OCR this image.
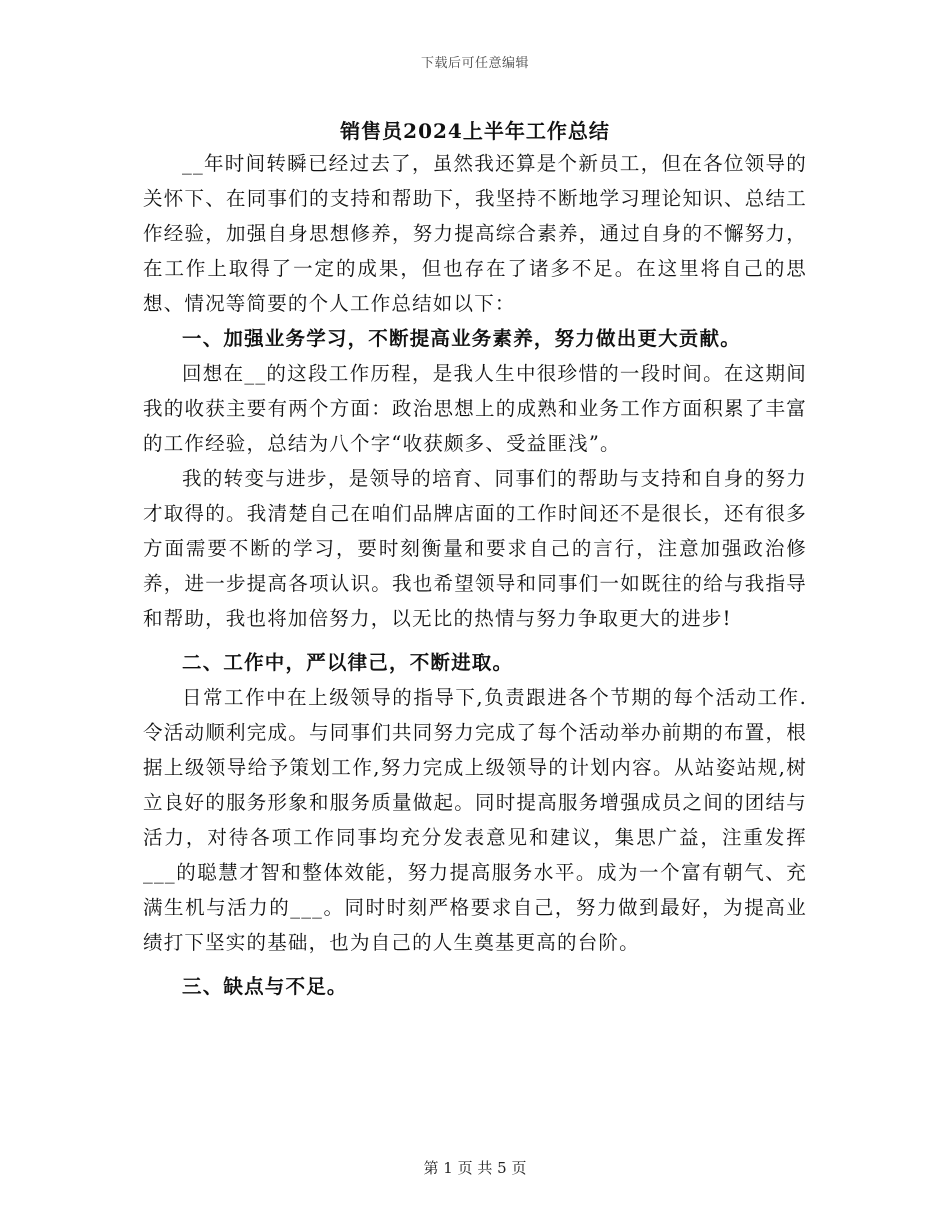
下载后可任意编辑
销售员2024上半年工作总结

__年时间转瞬已经过去了，虽然我还算是个新员工，但在各位领导的关怀下、在同事们的支持和帮助下，我坚持不断地学习理论知识、总结工作经验，加强自身思想修养，努力提高综合素养，通过自身的不懈努力，在工作上取得了一定的成果，但也存在了诸多不足。在这里将自己的思想、情况等简要的个人工作总结如以下：

一、加强业务学习，不断提高业务素养，努力做出更大贡献。

回想在__的这段工作历程，是我人生中很珍惜的一段时间。在这期间我的收获主要有两个方面：政治思想上的成熟和业务工作方面积累了丰富的工作经验，总结为八个字“收获颇多、受益匪浅”。

我的转变与进步，是领导的培育、同事们的帮助与支持和自身的努力才取得的。我清楚自己在咱们品牌店面的工作时间还不是很长，还有很多方面需要不断的学习，要时刻衡量和要求自己的言行，注意加强政治修养，进一步提高各项认识。我也希望领导和同事们一如既往的给与我指导和帮助，我也将加倍努力，以无比的热情与努力争取更大的进步!

二、工作中，严以律己，不断进取。

日常工作中在上级领导的指导下,负责跟进各个节期的每个活动工作.令活动顺利完成。与同事们共同努力完成了每个活动举办前期的布置，根据上级领导给予策划工作,努力完成上级领导的计划内容。从站姿站规,树立良好的服务形象和服务质量做起。同时提高服务增强成员之间的团结与活力，对待各项工作同事均充分发表意见和建议，集思广益，注重发挥___的聪慧才智和整体效能，努力提高服务水平。成为一个富有朝气、充满生机与活力的___。同时时刻严格要求自己，努力做到最好，为提高业绩打下坚实的基础，也为自己的人生奠基更高的台阶。

三、缺点与不足。
第 1 页 共 5 页
